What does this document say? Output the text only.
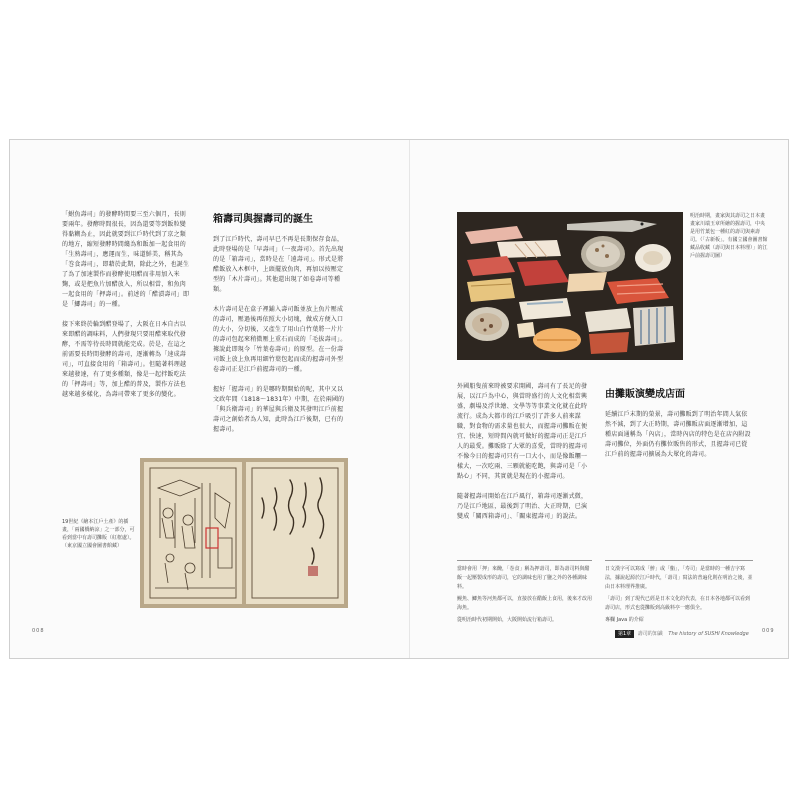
「鮒魚壽司」的發酵時間要三至六個月，長則要兩年。發酵時間很長，因為還要等到飯粒變得黏糊為止，因此就要到江戶時代到了京之類的地方，縮短發酵時間纔為和飯加一起食用的「生熟壽司」，應運而生，味道鮮美，稱其為「巻食壽司」，即藉於此期，除此之外，也誕生了為了加速製作而發酵使用醋而非用加入米麴，或是把魚片加醋放入，所以相當，和魚肉一起食用的「押壽司」。前述的「醋漬壽司」即是「鯽壽司」的一種。

接下來終於輪到醋登場了，大阪在日本自古以來即醋的調味料，人們發現只要用醋來取代發酵，不需等待長時間就能完成。於是，在這之前需要長時間發酵的壽司，逐漸轉為「速成壽司」，可直接食用的「箱壽司」。但隨著料理越來越發達，有了更多種類，像是一起拌飯吃法的「押壽司」等，加上醋的普及，製作方法也越來越多樣化，為壽司帶來了更多的變化。

箱壽司與握壽司的誕生

到了江戶時代，壽司早已不再是長期保存食品，此時登場的是「早壽司」（一夜壽司）。首先出現的是「箱壽司」，當時是在「遠壽司」。形式是將醋飯放入木框中，上頭擺放魚肉，再加以按壓定型的「木片壽司」。其他還出現了如卷壽司等種類。

木片壽司是在盒子裡鋪入壽司飯並放上魚片壓成的壽司，壓過後再依照大小切塊，做成方便入口的大小，分切後，又產生了用山白竹葉將一片片的壽司包起來稍微壓上重石而成的「毛拔壽司」。據說此即現今「竹葉卷壽司」的原型。在一份壽司飯上放上魚再用細竹葉包起而成的握壽司外型卷壽司正是江戶前握壽司的一種。

握好「握壽司」的是哪時期開始的呢，其中又以文政年間（1818～1831年）中期，在於兩國的「與兵衛壽司」的華屋與兵衛及其發明江戶前握壽司之創始者為人知，此時為江戶後期，已有的握壽司。

19世紀《繪本江戶土產》的插畫，「兩國橋納涼」之一部分，可看到當中有壽司攤販（紅框處）。（東京國立國會圖書館藏）
008
明治時期，畫家與其壽司之日本畫畫家川端玉章所繪的握壽司，中央是用竹葉包一種紅的壽司與素壽司。（「古新板」。有國立國會圖書館藏品收藏（壽司與日本料理）」的江戶前握壽司圖）

外國船隻前來時被要求開國，壽司有了長足的發展，以江戶為中心，與當時盛行的人文化相當興盛，劇場及浮世繪、文學等等事業文化就在此時流行。成為大都市的江戶吸引了許多人前來謀職，對食物的需求量也很大，而握壽司攤販在便宜、快速，短時間內就可做好的握壽司正是江戶人的最愛。攤販除了大眾的喜愛，當時的握壽司不像今日的握壽司只有一口大小，而是像飯糰一樣大，一次吃兩、三顆就能吃飽，與壽司是「小點心」不同，其實就是現在的小握壽司。

隨著握壽司開始在江戶風行，箱壽司逐漸式微，乃是江戶地區，最後到了明治、大正時期，已演變成「關西箱壽司」、「關東握壽司」的說法。

由攤販演變成店面

延續江戶末期的榮景，壽司攤販到了明治年間人氣依然不減，到了大正時期，壽司攤販店面逐漸增加，這種店面通稱為「內店」，當時內店的特色是在店內附設壽司攤位，外面仍有攤位販售的形式，且握壽司已從江戶前的握壽司擴展為大眾化的壽司。

當時會用「押」來醃，「巻食」稱為押壽司，即為壽司料與醋飯一起壓製成形的壽司，它的調味也用了鹽之外的各種調味料。
鰻魚、鯽魚等河魚都可以，直接放在醋飯上食用，後來才改用海魚。
從明治時代初期開始，大阪開始流行箱壽司。
日文漢字可以寫成「鮓」或「鮨」，「寿司」是當時的一種吉字寫法，據說起源於江戶時代，「壽司」寫法的普遍化則在明治之後，並由日本料理界推廣。
「壽司」到了現代已經是日本文化的代表，在日本各地都可以看到壽司店，形式也從攤販到高級料亭一應俱全。
專欄 Java 的介紹
第1章 壽司的知識 The history of SUSHI Knowledge	009
